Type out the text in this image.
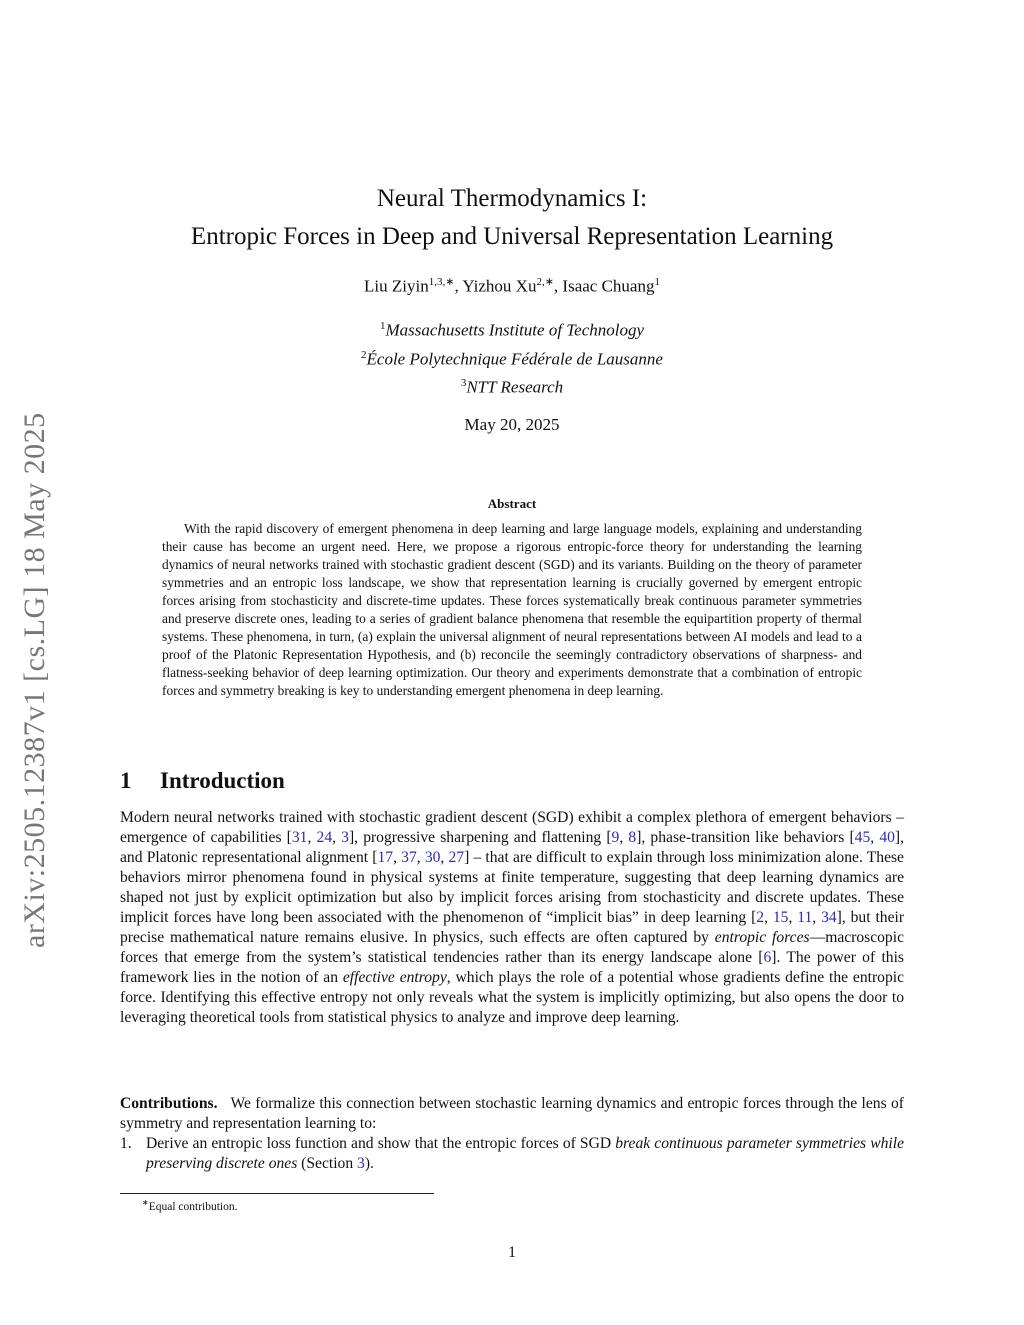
arXiv:2505.12387v1 [cs.LG] 18 May 2025
Neural Thermodynamics I:
Entropic Forces in Deep and Universal Representation Learning
Liu Ziyin$^{1,3,∗}$, Yizhou $Xu^{2,∗}$, Isaac Chuang$^1$
$^1$Massachusetts Institute of Technology
$^2$École Polytechnique Fédérale de Lausanne
$^3$NTT Research
May 20, 2025
Abstract
With the rapid discovery of emergent phenomena in deep learning and large language models, explaining and understanding their cause has become an urgent need. Here, we propose a rigorous entropic-force theory for understanding the learning dynamics of neural networks trained with stochastic gradient descent (SGD) and its variants. Building on the theory of parameter symmetries and an entropic loss landscape, we show that representation learning is crucially governed by emergent entropic forces arising from stochasticity and discrete-time updates. These forces systematically break continuous parameter symmetries and preserve discrete ones, leading to a series of gradient balance phenomena that resemble the equipartition property of thermal systems. These phenomena, in turn, (a) explain the universal alignment of neural representations between AI models and lead to a proof of the Platonic Representation Hypothesis, and (b) reconcile the seemingly contradictory observations of sharpness- and flatness-seeking behavior of deep learning optimization. Our theory and experiments demonstrate that a combination of entropic forces and symmetry breaking is key to understanding emergent phenomena in deep learning.
1 Introduction
Modern neural networks trained with stochastic gradient descent (SGD) exhibit a complex plethora of emergent behaviors – emergence of capabilities [31, 24, 3], progressive sharpening and flattening [9, 8], phase-transition like behaviors [45, 40], and Platonic representational alignment [17, 37, 30, 27] – that are difficult to explain through loss minimization alone. These behaviors mirror phenomena found in physical systems at finite temperature, suggesting that deep learning dynamics are shaped not just by explicit optimization but also by implicit forces arising from stochasticity and discrete updates. These implicit forces have long been associated with the phenomenon of “implicit bias” in deep learning [2, 15, 11, 34], but their precise mathematical nature remains elusive. In physics, such effects are often captured by entropic forces—macroscopic forces that emerge from the system’s statistical tendencies rather than its energy landscape alone [6]. The power of this framework lies in the notion of an effective entropy, which plays the role of a potential whose gradients define the entropic force. Identifying this effective entropy not only reveals what the system is implicitly optimizing, but also opens the door to leveraging theoretical tools from statistical physics to analyze and improve deep learning.
Contributions. We formalize this connection between stochastic learning dynamics and entropic forces through the lens of symmetry and representation learning to:
1. Derive an entropic loss function and show that the entropic forces of SGD break continuous parameter symmetries while preserving discrete ones (Section 3).
∗Equal contribution.
1
